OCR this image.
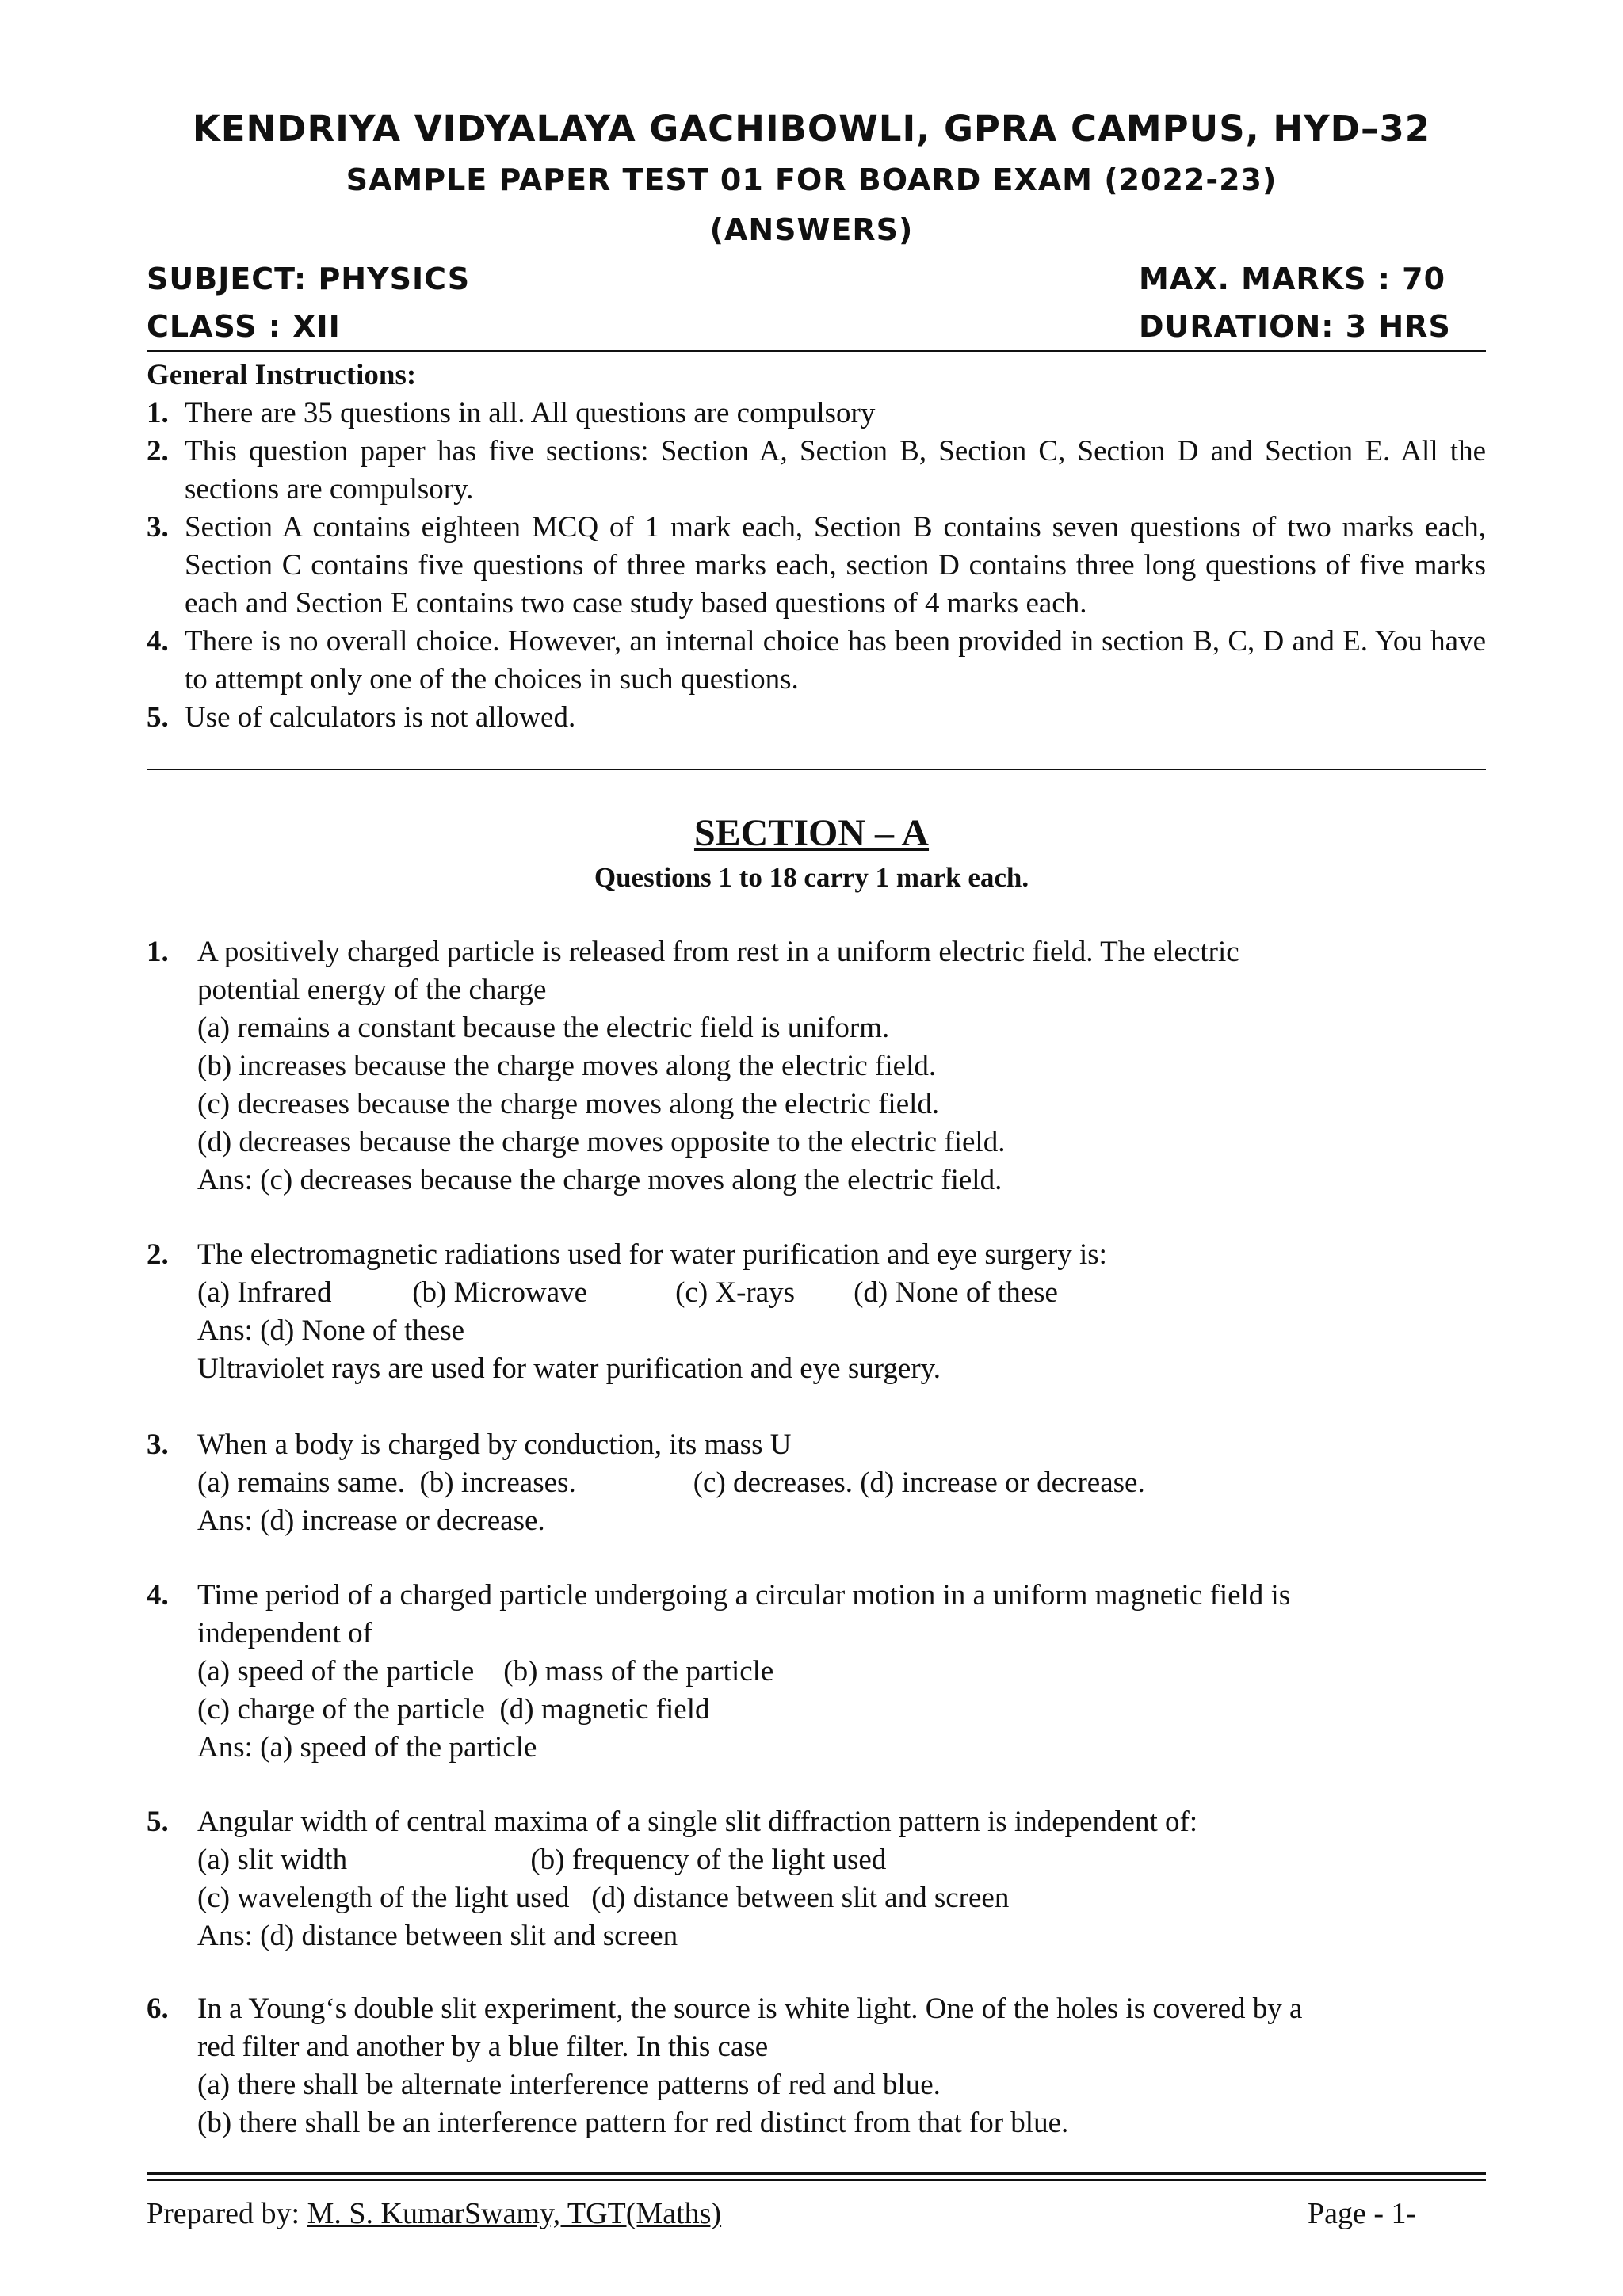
KENDRIYA VIDYALAYA GACHIBOWLI, GPRA CAMPUS, HYD–32
SAMPLE PAPER TEST 01 FOR BOARD EXAM (2022-23)
(ANSWERS)
SUBJECT: PHYSICS	MAX. MARKS : 70
CLASS : XII	DURATION: 3 HRS
General Instructions:
1. There are 35 questions in all. All questions are compulsory
2. This question paper has five sections: Section A, Section B, Section C, Section D and Section E. All the sections are compulsory.
3. Section A contains eighteen MCQ of 1 mark each, Section B contains seven questions of two marks each, Section C contains five questions of three marks each, section D contains three long questions of five marks each and Section E contains two case study based questions of 4 marks each.
4. There is no overall choice. However, an internal choice has been provided in section B, C, D and E. You have to attempt only one of the choices in such questions.
5. Use of calculators is not allowed.
SECTION – A
Questions 1 to 18 carry 1 mark each.
1. A positively charged particle is released from rest in a uniform electric field. The electric
potential energy of the charge
(a) remains a constant because the electric field is uniform.
(b) increases because the charge moves along the electric field.
(c) decreases because the charge moves along the electric field.
(d) decreases because the charge moves opposite to the electric field.
Ans: (c) decreases because the charge moves along the electric field.
2. The electromagnetic radiations used for water purification and eye surgery is:
(a) Infrared           (b) Microwave            (c) X-rays        (d) None of these
Ans: (d) None of these
Ultraviolet rays are used for water purification and eye surgery.
3. When a body is charged by conduction, its mass U
(a) remains same.  (b) increases.                (c) decreases. (d) increase or decrease.
Ans: (d) increase or decrease.
4. Time period of a charged particle undergoing a circular motion in a uniform magnetic field is
independent of
(a) speed of the particle    (b) mass of the particle
(c) charge of the particle  (d) magnetic field
Ans: (a) speed of the particle
5. Angular width of central maxima of a single slit diffraction pattern is independent of:
(a) slit width                         (b) frequency of the light used
(c) wavelength of the light used   (d) distance between slit and screen
Ans: (d) distance between slit and screen
6. In a Young‘s double slit experiment, the source is white light. One of the holes is covered by a
red filter and another by a blue filter. In this case
(a) there shall be alternate interference patterns of red and blue.
(b) there shall be an interference pattern for red distinct from that for blue.
Prepared by: M. S. KumarSwamy, TGT(Maths)	Page - 1-
